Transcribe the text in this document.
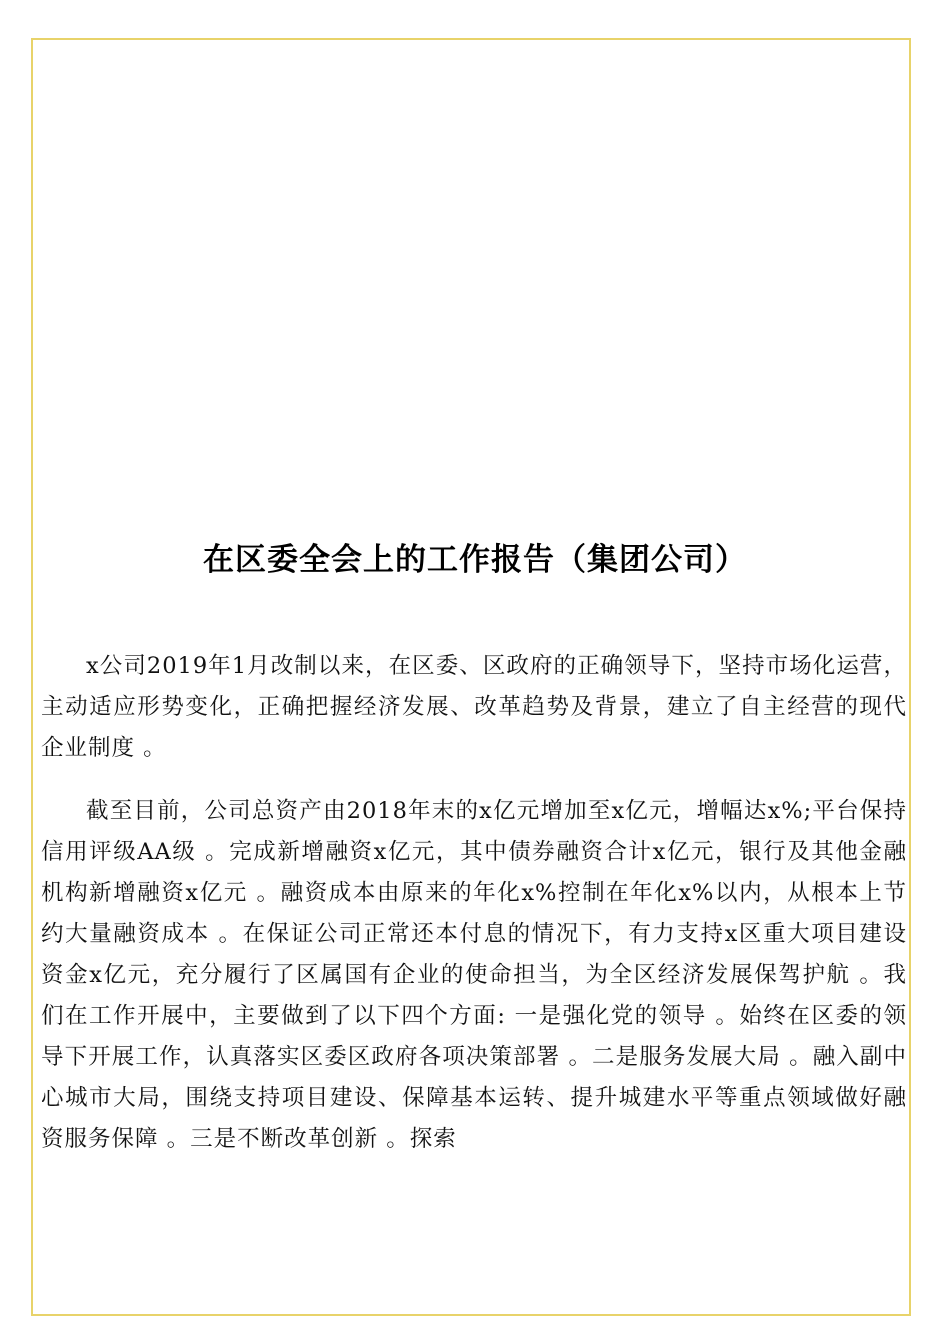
在区委全会上的工作报告（集团公司）

x公司2019年1月改制以来，在区委、区政府的正确领导下，坚持市场化运营，主动适应形势变化，正确把握经济发展、改革趋势及背景，建立了自主经营的现代企业制度 。

截至目前，公司总资产由2018年末的x亿元增加至x亿元，增幅达x%;平台保持信用评级AA级 。完成新增融资x亿元，其中债券融资合计x亿元，银行及其他金融机构新增融资x亿元 。融资成本由原来的年化x%控制在年化x%以内，从根本上节约大量融资成本 。在保证公司正常还本付息的情况下，有力支持x区重大项目建设资金x亿元，充分履行了区属国有企业的使命担当，为全区经济发展保驾护航 。我们在工作开展中，主要做到了以下四个方面: 一是强化党的领导 。始终在区委的领导下开展工作，认真落实区委区政府各项决策部署 。二是服务发展大局 。融入副中心城市大局，围绕支持项目建设、保障基本运转、提升城建水平等重点领域做好融资服务保障 。三是不断改革创新 。探索
